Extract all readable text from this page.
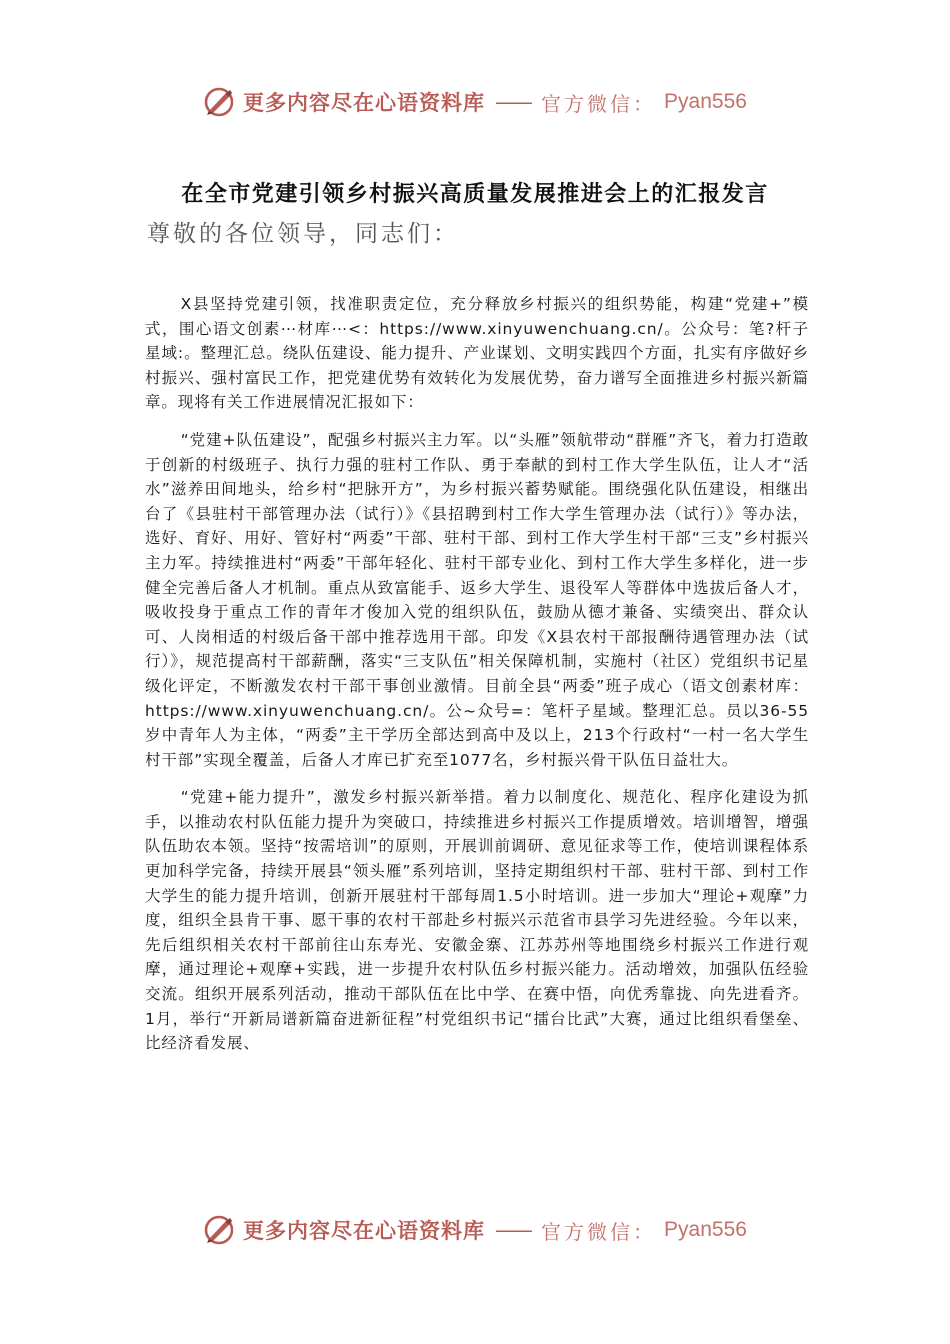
更多内容尽在心语资料库 —— 官方微信： Pyan556
在全市党建引领乡村振兴高质量发展推进会上的汇报发言
尊敬的各位领导，同志们：

X县坚持党建引领，找准职责定位，充分释放乡村振兴的组织势能，构建“党建+”模式，围心语文创素⋯材库⋯<：https://www.xinyuwenchuang.cn/。公众号：笔?杆子星域:。整理汇总。绕队伍建设、能力提升、产业谋划、文明实践四个方面，扎实有序做好乡村振兴、强村富民工作，把党建优势有效转化为发展优势，奋力谱写全面推进乡村振兴新篇章。现将有关工作进展情况汇报如下：

“党建+队伍建设”，配强乡村振兴主力军。以“头雁”领航带动“群雁”齐飞，着力打造敢于创新的村级班子、执行力强的驻村工作队、勇于奉献的到村工作大学生队伍，让人才“活水”滋养田间地头，给乡村“把脉开方”，为乡村振兴蓄势赋能。围绕强化队伍建设，相继出台了《县驻村干部管理办法（试行）》《县招聘到村工作大学生管理办法（试行）》等办法，选好、育好、用好、管好村“两委”干部、驻村干部、到村工作大学生村干部“三支”乡村振兴主力军。持续推进村“两委”干部年轻化、驻村干部专业化、到村工作大学生多样化，进一步健全完善后备人才机制。重点从致富能手、返乡大学生、退役军人等群体中选拔后备人才，吸收投身于重点工作的青年才俊加入党的组织队伍，鼓励从德才兼备、实绩突出、群众认可、人岗相适的村级后备干部中推荐选用干部。印发《X县农村干部报酬待遇管理办法（试行）》，规范提高村干部薪酬，落实“三支队伍”相关保障机制，实施村（社区）党组织书记星级化评定，不断激发农村干部干事创业激情。目前全县“两委”班子成心（语文创素材库：https://www.xinyuwenchuang.cn/。公~众号=：笔杆子星域。整理汇总。员以36-55岁中青年人为主体，“两委”主干学历全部达到高中及以上，213个行政村“一村一名大学生村干部”实现全覆盖，后备人才库已扩充至1077名，乡村振兴骨干队伍日益壮大。

“党建+能力提升”，激发乡村振兴新举措。着力以制度化、规范化、程序化建设为抓手，以推动农村队伍能力提升为突破口，持续推进乡村振兴工作提质增效。培训增智，增强队伍助农本领。坚持“按需培训”的原则，开展训前调研、意见征求等工作，使培训课程体系更加科学完备，持续开展县“领头雁”系列培训，坚持定期组织村干部、驻村干部、到村工作大学生的能力提升培训，创新开展驻村干部每周1.5小时培训。进一步加大“理论+观摩”力度，组织全县肯干事、愿干事的农村干部赴乡村振兴示范省市县学习先进经验。今年以来，先后组织相关农村干部前往山东寿光、安徽金寨、江苏苏州等地围绕乡村振兴工作进行观摩，通过理论+观摩+实践，进一步提升农村队伍乡村振兴能力。活动增效，加强队伍经验交流。组织开展系列活动，推动干部队伍在比中学、在赛中悟，向优秀靠拢、向先进看齐。1月，举行“开新局谱新篇奋进新征程”村党组织书记“擂台比武”大赛，通过比组织看堡垒、比经济看发展、

更多内容尽在心语资料库 —— 官方微信： Pyan556
